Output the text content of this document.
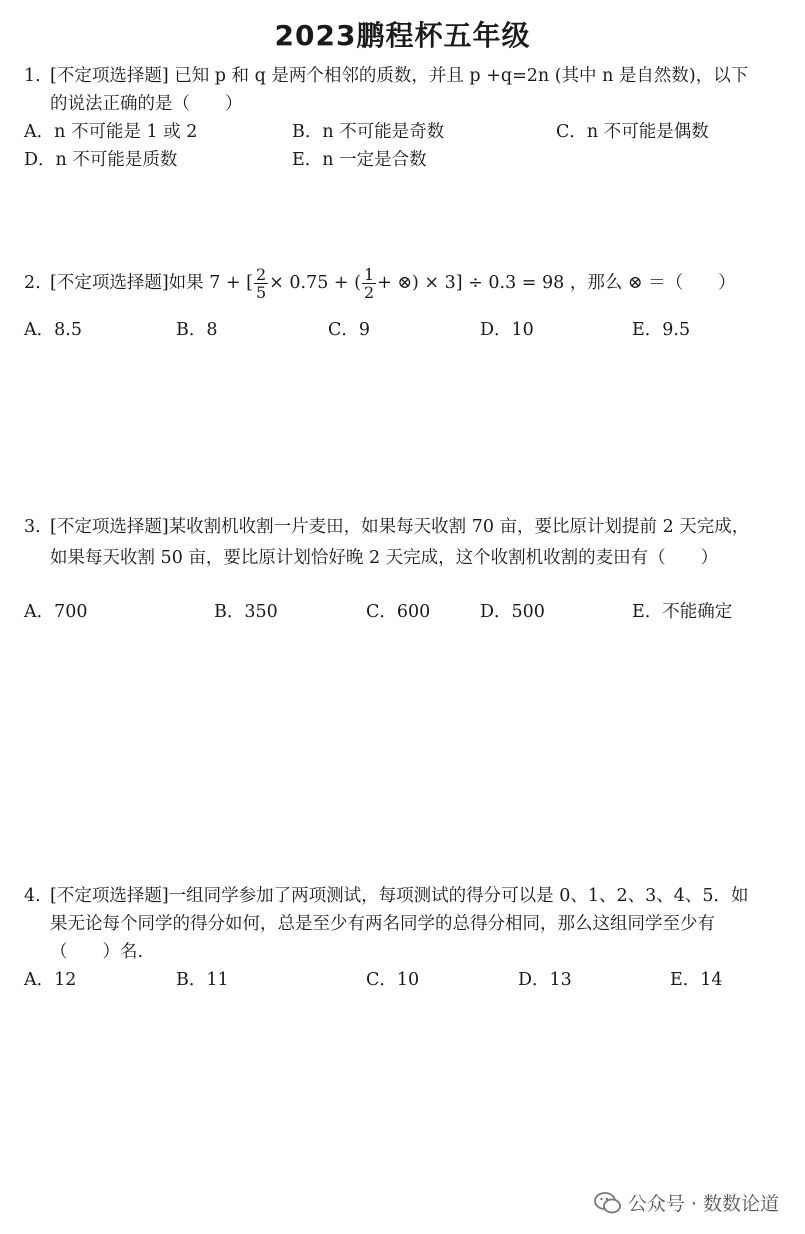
2023鹏程杯五年级
1. [不定项选择题] 已知 p 和 q 是两个相邻的质数，并且 p +q=2n (其中 n 是自然数)，以下
的说法正确的是（　　）
A．n 不可能是 1 或 2	B．n 不可能是奇数	C．n 不可能是偶数
D．n 不可能是质数	E．n 一定是合数
2. [不定项选择题]如果 7 + [ $\frac{2}{5} \times 0.75$ + ( $\frac{1}{2}$ + ⊗) × 3] ÷ 0.3 = 98 ，那么 ⊗ ＝（　　）
A．8.5	B．8	C．9	D．10	E．9.5
3. [不定项选择题]某收割机收割一片麦田，如果每天收割 70 亩，要比原计划提前 2 天完成，
如果每天收割 50 亩，要比原计划恰好晚 2 天完成，这个收割机收割的麦田有（　　）
A．700	B．350	C．600	D．500	E．不能确定
4. [不定项选择题]一组同学参加了两项测试，每项测试的得分可以是 0、1、2、3、4、5．如
果无论每个同学的得分如何，总是至少有两名同学的总得分相同，那么这组同学至少有
（　　）名.
A．12	B．11	C．10	D．13	E．14
公众号 · 数数论道
